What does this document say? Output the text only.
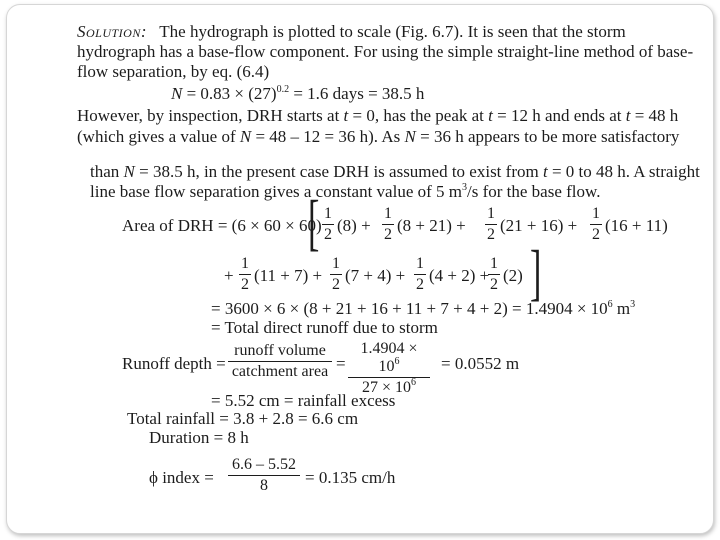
Solution: The hydrograph is plotted to scale (Fig. 6.7). It is seen that the storm
hydrograph has a base-flow component. For using the simple straight-line method of base-
flow separation, by eq. (6.4)
$N = 0.83 \times (27)^{0.2} = 1.6$ days = 38.5 h
However, by inspection, DRH starts at t = 0, has the peak at t = 12 h and ends at t = 48 h
(which gives a value of N = 48 – 12 = 36 h). As N = 36 h appears to be more satisfactory
than N = 38.5 h, in the present case DRH is assumed to exist from t = 0 to 48 h. A straight
line base flow separation gives a constant value of 5 $m^3/s$ for the base flow.
Area of DRH = (6 × 60 × 60)
[ 1
2 (8) +
1
2 (8 + 21) +
1
2 (21 + 16) +
1
2 (16 + 11)
+
1
2 (11 + 7) +
1
2 (7 + 4) +
1
2 (4 + 2) +
1
2 (2) ]
= $3600 \times 6 \times (8 + 21 + 16 + 11 + 7 + 4 + 2) = 1.4904 \times 10^6$ $m^3$
= Total direct runoff due to storm
Runoff depth =
runoff volume
catchment area =
$1.4904 \times 10^6$
$27 \times 10^6$
= 0.0552 m
= 5.52 cm = rainfall excess
Total rainfall = 3.8 + 2.8 = 6.6 cm
Duration = 8 h
ϕ index =
6.6 – 5.52
8	= 0.135 cm/h
